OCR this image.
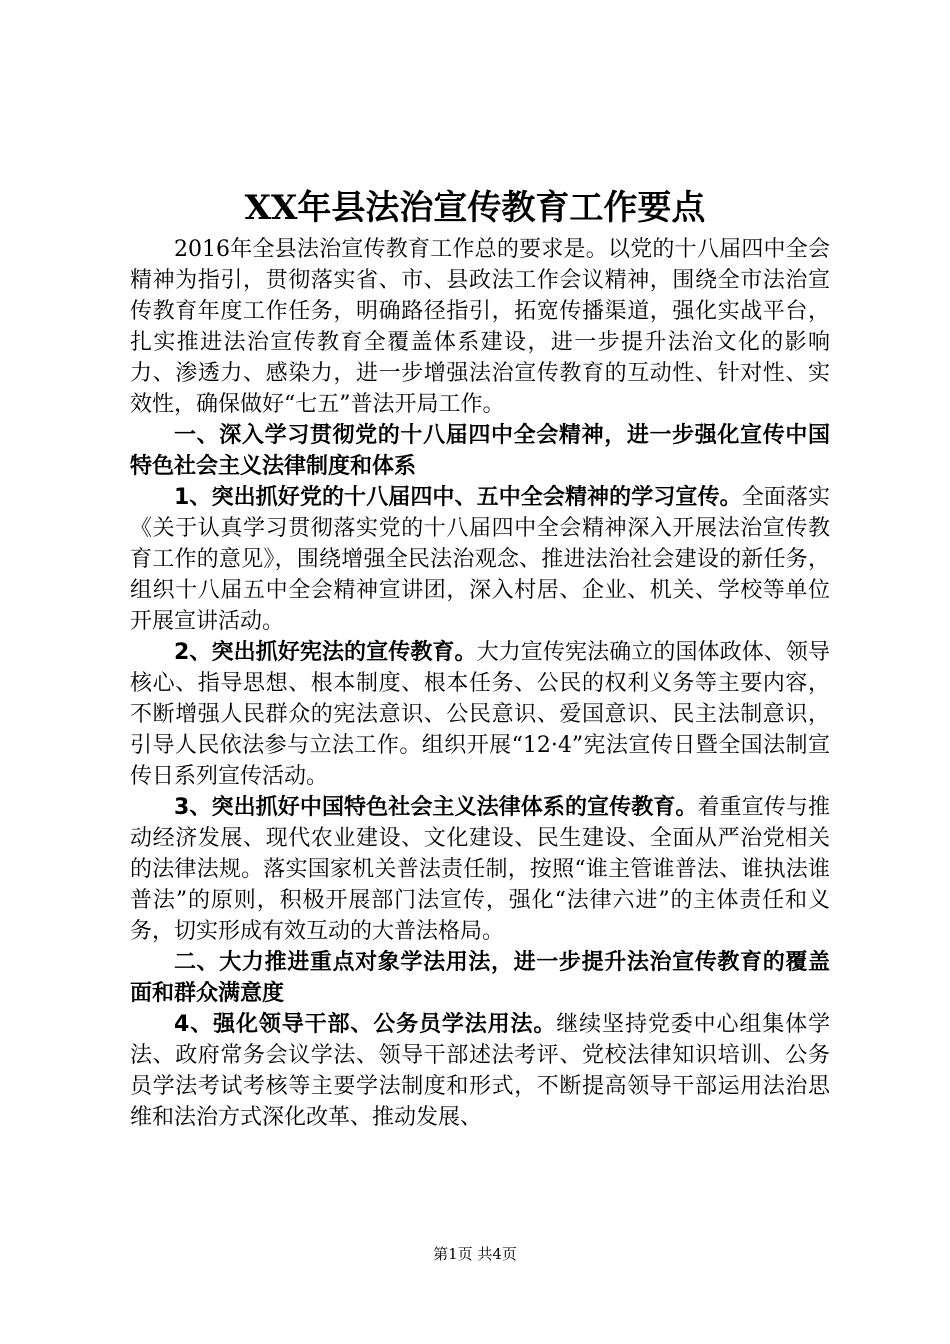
XX年县法治宣传教育工作要点

2016年全县法治宣传教育工作总的要求是。以党的十八届四中全会精神为指引，贯彻落实省、市、县政法工作会议精神，围绕全市法治宣传教育年度工作任务，明确路径指引，拓宽传播渠道，强化实战平台，扎实推进法治宣传教育全覆盖体系建设，进一步提升法治文化的影响力、渗透力、感染力，进一步增强法治宣传教育的互动性、针对性、实效性，确保做好“七五”普法开局工作。

一、深入学习贯彻党的十八届四中全会精神，进一步强化宣传中国特色社会主义法律制度和体系

1、突出抓好党的十八届四中、五中全会精神的学习宣传。全面落实《关于认真学习贯彻落实党的十八届四中全会精神深入开展法治宣传教育工作的意见》，围绕增强全民法治观念、推进法治社会建设的新任务，组织十八届五中全会精神宣讲团，深入村居、企业、机关、学校等单位开展宣讲活动。

2、突出抓好宪法的宣传教育。大力宣传宪法确立的国体政体、领导核心、指导思想、根本制度、根本任务、公民的权利义务等主要内容，不断增强人民群众的宪法意识、公民意识、爱国意识、民主法制意识，引导人民依法参与立法工作。组织开展“12·4”宪法宣传日暨全国法制宣传日系列宣传活动。

3、突出抓好中国特色社会主义法律体系的宣传教育。着重宣传与推动经济发展、现代农业建设、文化建设、民生建设、全面从严治党相关的法律法规。落实国家机关普法责任制，按照“谁主管谁普法、谁执法谁普法”的原则，积极开展部门法宣传，强化“法律六进”的主体责任和义务，切实形成有效互动的大普法格局。

二、大力推进重点对象学法用法，进一步提升法治宣传教育的覆盖面和群众满意度

4、强化领导干部、公务员学法用法。继续坚持党委中心组集体学法、政府常务会议学法、领导干部述法考评、党校法律知识培训、公务员学法考试考核等主要学法制度和形式，不断提高领导干部运用法治思维和法治方式深化改革、推动发展、

第1页 共4页
